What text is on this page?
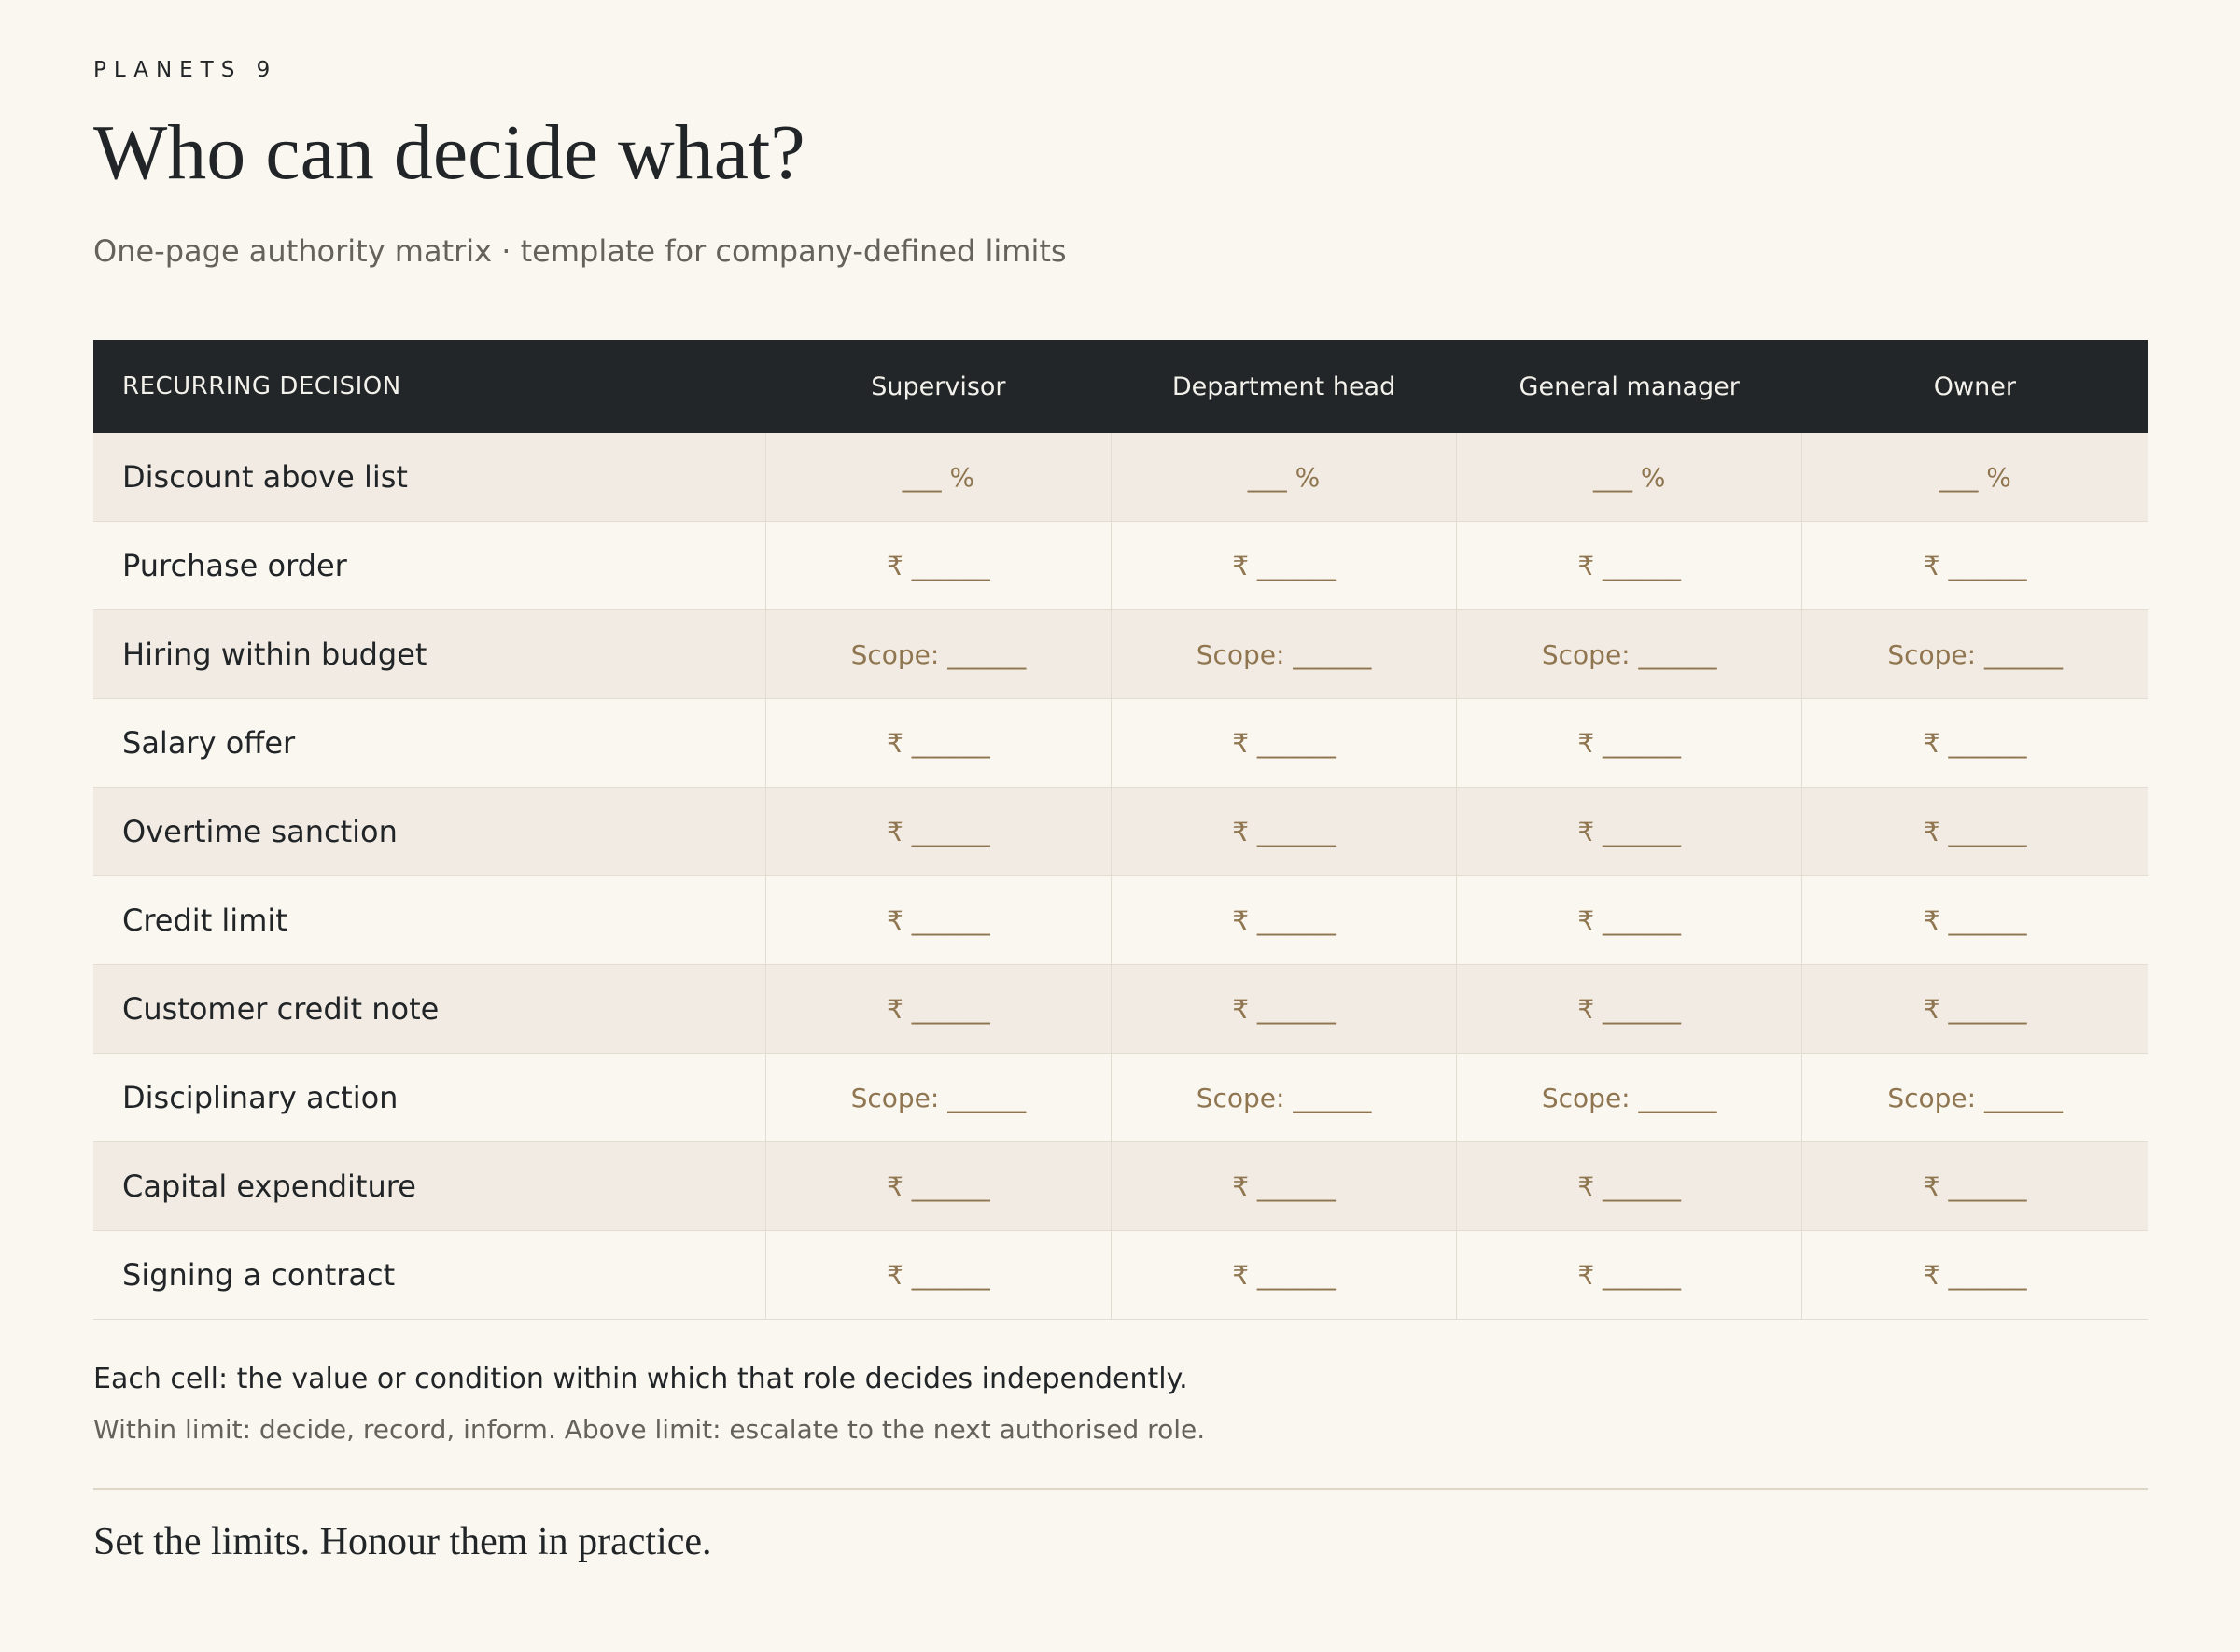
PLANETS 9
Who can decide what?
One-page authority matrix · template for company-defined limits
RECURRING DECISION	Supervisor	Department head	General manager	Owner
Discount above list	___ %	___ %	___ %	___ %
Purchase order	₹ ______	₹ ______	₹ ______	₹ ______
Hiring within budget	Scope: ______	Scope: ______	Scope: ______	Scope: ______
Salary offer	₹ ______	₹ ______	₹ ______	₹ ______
Overtime sanction	₹ ______	₹ ______	₹ ______	₹ ______
Credit limit	₹ ______	₹ ______	₹ ______	₹ ______
Customer credit note	₹ ______	₹ ______	₹ ______	₹ ______
Disciplinary action	Scope: ______	Scope: ______	Scope: ______	Scope: ______
Capital expenditure	₹ ______	₹ ______	₹ ______	₹ ______
Signing a contract	₹ ______	₹ ______	₹ ______	₹ ______
Each cell: the value or condition within which that role decides independently.
Within limit: decide, record, inform. Above limit: escalate to the next authorised role.
Set the limits. Honour them in practice.
